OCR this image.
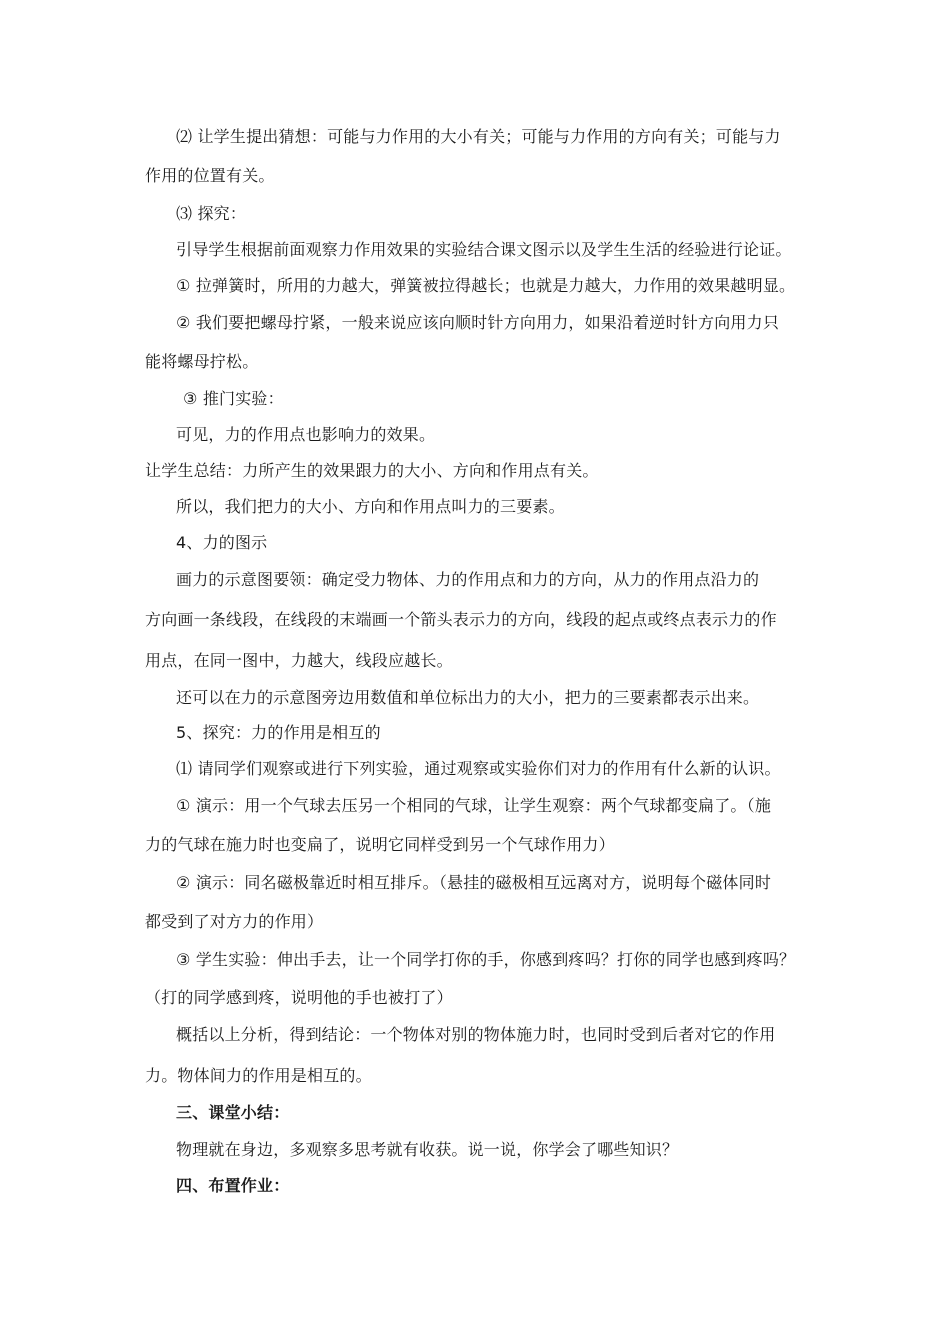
⑵ 让学生提出猜想：可能与力作用的大小有关；可能与力作用的方向有关；可能与力
作用的位置有关。
⑶ 探究：
引导学生根据前面观察力作用效果的实验结合课文图示以及学生生活的经验进行论证。
① 拉弹簧时，所用的力越大，弹簧被拉得越长；也就是力越大，力作用的效果越明显。
② 我们要把螺母拧紧，一般来说应该向顺时针方向用力，如果沿着逆时针方向用力只
能将螺母拧松。
③ 推门实验：
可见，力的作用点也影响力的效果。
让学生总结：力所产生的效果跟力的大小、方向和作用点有关。
所以，我们把力的大小、方向和作用点叫力的三要素。
4、力的图示
画力的示意图要领：确定受力物体、力的作用点和力的方向，从力的作用点沿力的
方向画一条线段，在线段的末端画一个箭头表示力的方向，线段的起点或终点表示力的作
用点，在同一图中，力越大，线段应越长。
还可以在力的示意图旁边用数值和单位标出力的大小，把力的三要素都表示出来。
5、探究：力的作用是相互的
⑴ 请同学们观察或进行下列实验，通过观察或实验你们对力的作用有什么新的认识。
① 演示：用一个气球去压另一个相同的气球，让学生观察：两个气球都变扁了。（施
力的气球在施力时也变扁了，说明它同样受到另一个气球作用力）
② 演示：同名磁极靠近时相互排斥。（悬挂的磁极相互远离对方，说明每个磁体同时
都受到了对方力的作用）
③ 学生实验：伸出手去，让一个同学打你的手，你感到疼吗？打你的同学也感到疼吗？
（打的同学感到疼，说明他的手也被打了）
概括以上分析，得到结论：一个物体对别的物体施力时，也同时受到后者对它的作用
力。物体间力的作用是相互的。
三、课堂小结：
物理就在身边，多观察多思考就有收获。说一说，你学会了哪些知识？
四、布置作业：
